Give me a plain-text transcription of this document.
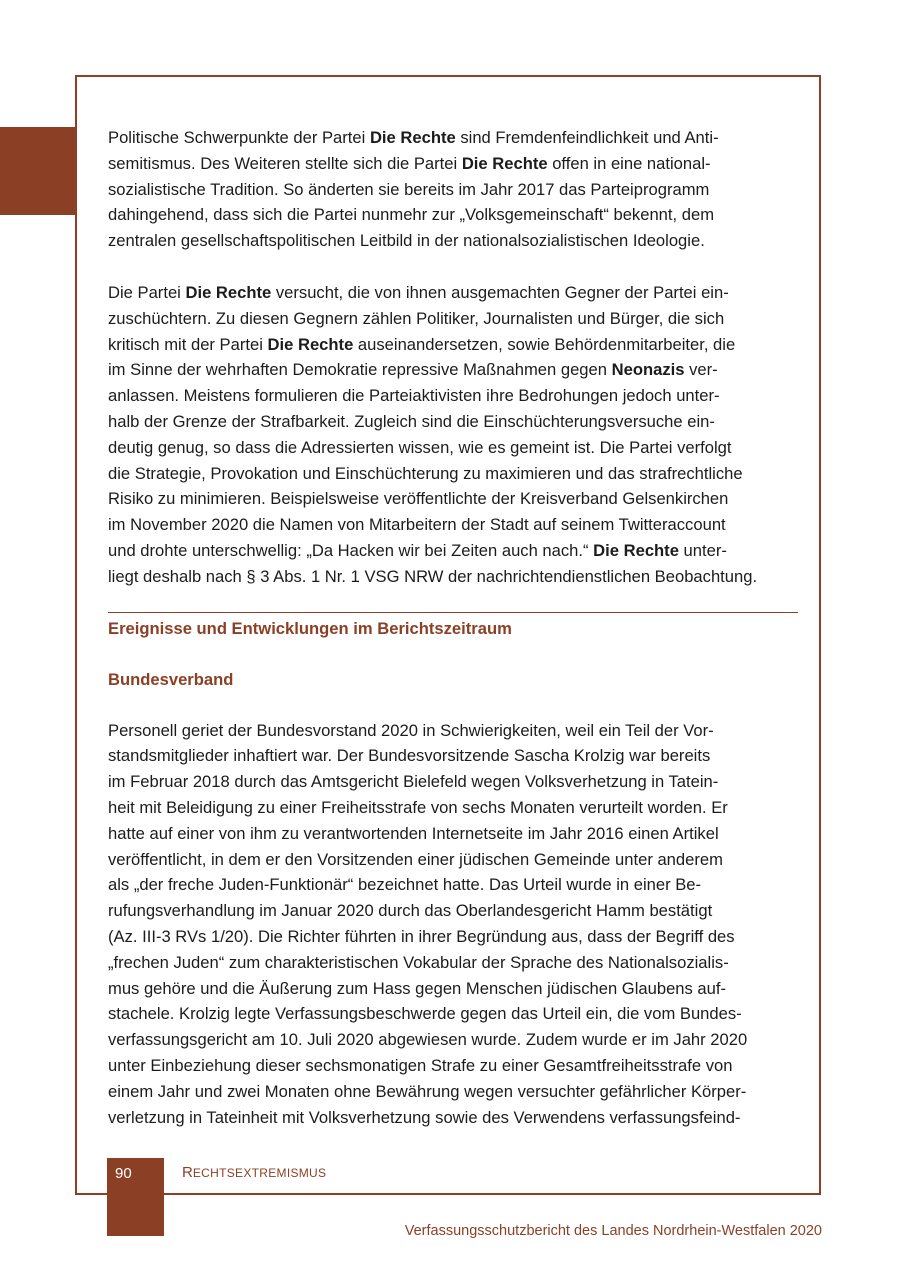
Politische Schwerpunkte der Partei Die Rechte sind Fremdenfeindlichkeit und Anti-
semitismus. Des Weiteren stellte sich die Partei Die Rechte offen in eine national-
sozialistische Tradition. So änderten sie bereits im Jahr 2017 das Parteiprogramm
dahingehend, dass sich die Partei nunmehr zur „Volksgemeinschaft“ bekennt, dem
zentralen gesellschaftspolitischen Leitbild in der nationalsozialistischen Ideologie.
Die Partei Die Rechte versucht, die von ihnen ausgemachten Gegner der Partei ein-
zuschüchtern. Zu diesen Gegnern zählen Politiker, Journalisten und Bürger, die sich
kritisch mit der Partei Die Rechte auseinandersetzen, sowie Behördenmitarbeiter, die
im Sinne der wehrhaften Demokratie repressive Maßnahmen gegen Neonazis ver-
anlassen. Meistens formulieren die Parteiaktivisten ihre Bedrohungen jedoch unter-
halb der Grenze der Strafbarkeit. Zugleich sind die Einschüchterungsversuche ein-
deutig genug, so dass die Adressierten wissen, wie es gemeint ist. Die Partei verfolgt
die Strategie, Provokation und Einschüchterung zu maximieren und das strafrechtliche
Risiko zu minimieren. Beispielsweise veröffentlichte der Kreisverband Gelsenkirchen
im November 2020 die Namen von Mitarbeitern der Stadt auf seinem Twitteraccount
und drohte unterschwellig: „Da Hacken wir bei Zeiten auch nach.“ Die Rechte unter-
liegt deshalb nach § 3 Abs. 1 Nr. 1 VSG NRW der nachrichtendienstlichen Beobachtung.
Ereignisse und Entwicklungen im Berichtszeitraum
Bundesverband
Personell geriet der Bundesvorstand 2020 in Schwierigkeiten, weil ein Teil der Vor-
standsmitglieder inhaftiert war. Der Bundesvorsitzende Sascha Krolzig war bereits
im Februar 2018 durch das Amtsgericht Bielefeld wegen Volksverhetzung in Tatein-
heit mit Beleidigung zu einer Freiheitsstrafe von sechs Monaten verurteilt worden. Er
hatte auf einer von ihm zu verantwortenden Internetseite im Jahr 2016 einen Artikel
veröffentlicht, in dem er den Vorsitzenden einer jüdischen Gemeinde unter anderem
als „der freche Juden-Funktionär“ bezeichnet hatte. Das Urteil wurde in einer Be-
rufungsverhandlung im Januar 2020 durch das Oberlandesgericht Hamm bestätigt
(Az. III-3 RVs 1/20). Die Richter führten in ihrer Begründung aus, dass der Begriff des
„frechen Juden“ zum charakteristischen Vokabular der Sprache des Nationalsozialis-
mus gehöre und die Äußerung zum Hass gegen Menschen jüdischen Glaubens auf-
stachele. Krolzig legte Verfassungsbeschwerde gegen das Urteil ein, die vom Bundes-
verfassungsgericht am 10. Juli 2020 abgewiesen wurde. Zudem wurde er im Jahr 2020
unter Einbeziehung dieser sechsmonatigen Strafe zu einer Gesamtfreiheitsstrafe von
einem Jahr und zwei Monaten ohne Bewährung wegen versuchter gefährlicher Körper-
verletzung in Tateinheit mit Volksverhetzung sowie des Verwendens verfassungsfeind-
90	RECHTSEXTREMISMUS
Verfassungsschutzbericht des Landes Nordrhein-Westfalen 2020
